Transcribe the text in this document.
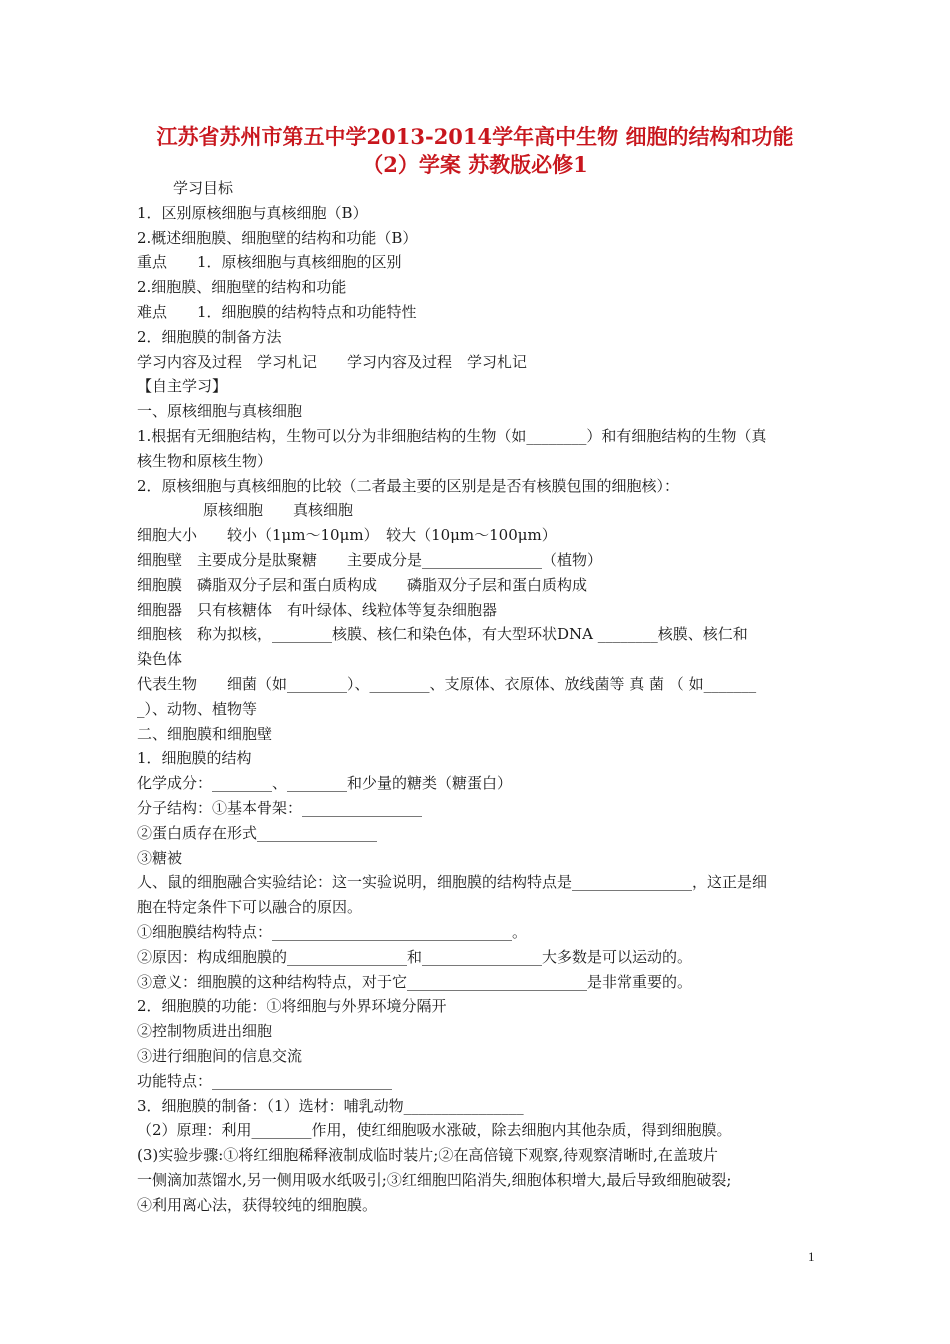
江苏省苏州市第五中学2013-2014学年高中生物 细胞的结构和功能
（2）学案 苏教版必修1
学习目标
1．区别原核细胞与真核细胞（B）
2.概述细胞膜、细胞壁的结构和功能（B）
重点　　1．原核细胞与真核细胞的区别
2.细胞膜、细胞壁的结构和功能
难点　　1．细胞膜的结构特点和功能特性
2．细胞膜的制备方法
学习内容及过程　学习札记　　学习内容及过程　学习札记
【自主学习】
一、原核细胞与真核细胞
1.根据有无细胞结构，生物可以分为非细胞结构的生物（如________）和有细胞结构的生物（真
核生物和原核生物）
2．原核细胞与真核细胞的比较（二者最主要的区别是是否有核膜包围的细胞核）：
　　原核细胞　　真核细胞
细胞大小　　较小（1μm～10μm）　较大（10μm～100μm）
细胞壁　主要成分是肽聚糖　　主要成分是________________（植物）
细胞膜　磷脂双分子层和蛋白质构成　　磷脂双分子层和蛋白质构成
细胞器　只有核糖体　有叶绿体、线粒体等复杂细胞器
细胞核　称为拟核，________核膜、核仁和染色体，有大型环状DNA ________核膜、核仁和
染色体
代表生物　　细菌（如________）、________、支原体、衣原体、放线菌等 真 菌 （ 如_______
_）、动物、植物等
二、细胞膜和细胞壁
1．细胞膜的结构
化学成分：________、________和少量的糖类（糖蛋白）
分子结构：①基本骨架：________________
②蛋白质存在形式________________
③糖被
人、鼠的细胞融合实验结论：这一实验说明，细胞膜的结构特点是________________，这正是细
胞在特定条件下可以融合的原因。
①细胞膜结构特点：________________________________。
②原因：构成细胞膜的________________和________________大多数是可以运动的。
③意义：细胞膜的这种结构特点，对于它________________________是非常重要的。
2．细胞膜的功能：①将细胞与外界环境分隔开
②控制物质进出细胞
③进行细胞间的信息交流
功能特点：________________________
3．细胞膜的制备：（1）选材：哺乳动物________________
（2）原理：利用________作用，使红细胞吸水涨破，除去细胞内其他杂质，得到细胞膜。
(3)实验步骤:①将红细胞稀释液制成临时装片;②在高倍镜下观察,待观察清晰时,在盖玻片
一侧滴加蒸馏水,另一侧用吸水纸吸引;③红细胞凹陷消失,细胞体积增大,最后导致细胞破裂;
④利用离心法，获得较纯的细胞膜。
1
